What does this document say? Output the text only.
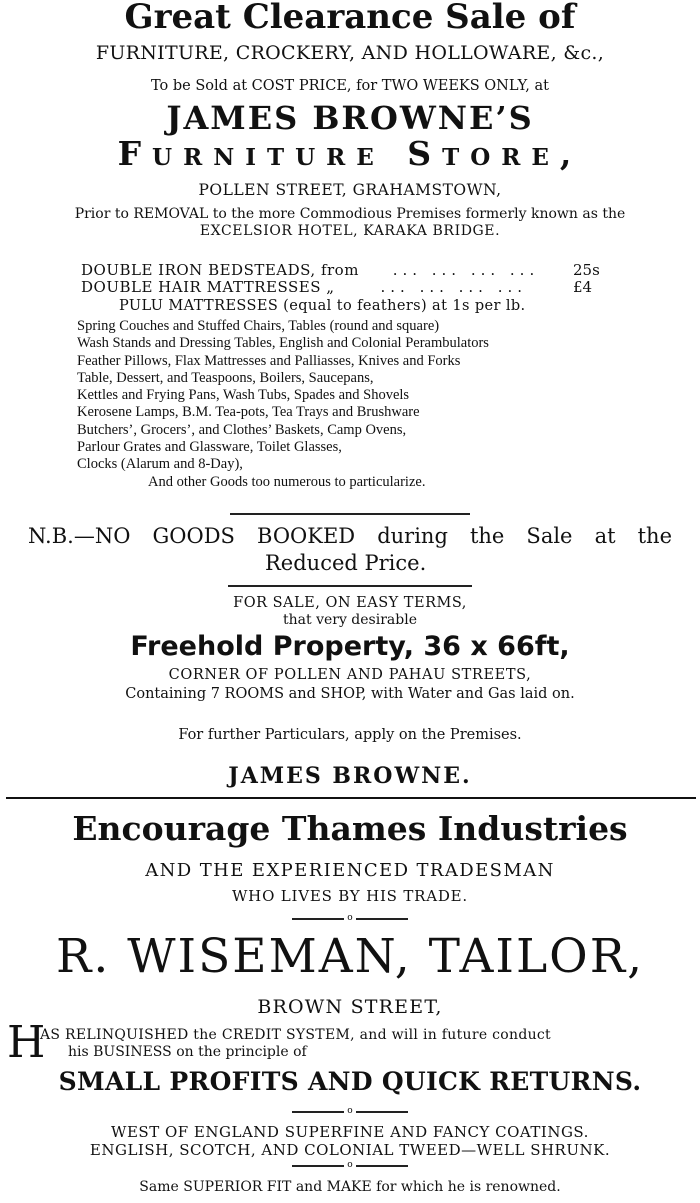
Great Clearance Sale of
FURNITURE, CROCKERY, AND HOLLOWARE, &c.,
To be Sold at COST PRICE, for TWO WEEKS ONLY, at
JAMES BROWNE’S
Furniture Store,
POLLEN STREET, GRAHAMSTOWN,
Prior to REMOVAL to the more Commodious Premises formerly known as the
EXCELSIOR HOTEL, KARAKA BRIDGE.
DOUBLE IRON BEDSTEADS, from	... ... ... ...	25s
DOUBLE HAIR MATTRESSES „	... ... ... ...	£4
PULU MATTRESSES (equal to feathers) at 1s per lb.
Spring Couches and Stuffed Chairs, Tables (round and square)
Wash Stands and Dressing Tables, English and Colonial Perambulators
Feather Pillows, Flax Mattresses and Palliasses, Knives and Forks
Table, Dessert, and Teaspoons, Boilers, Saucepans,
Kettles and Frying Pans, Wash Tubs, Spades and Shovels
Kerosene Lamps, B.M. Tea-pots, Tea Trays and Brushware
Butchers’, Grocers’, and Clothes’ Baskets, Camp Ovens,
Parlour Grates and Glassware, Toilet Glasses,
Clocks (Alarum and 8-Day),
And other Goods too numerous to particularize.
N.B.—NO GOODS BOOKED during the Sale at the
Reduced Price.
FOR SALE, ON EASY TERMS,
that very desirable
Freehold Property, 36 x 66ft,
CORNER OF POLLEN AND PAHAU STREETS,
Containing 7 ROOMS and SHOP, with Water and Gas laid on.
For further Particulars, apply on the Premises.
JAMES BROWNE.
Encourage Thames Industries
AND THE EXPERIENCED TRADESMAN
WHO LIVES BY HIS TRADE.
o
R. WISEMAN, TAILOR,
BROWN STREET,
H
AS RELINQUISHED the CREDIT SYSTEM, and will in future conduct
his BUSINESS on the principle of
SMALL PROFITS AND QUICK RETURNS.
o
WEST OF ENGLAND SUPERFINE AND FANCY COATINGS.
ENGLISH, SCOTCH, AND COLONIAL TWEED—WELL SHRUNK.
o
Same SUPERIOR FIT and MAKE for which he is renowned.
